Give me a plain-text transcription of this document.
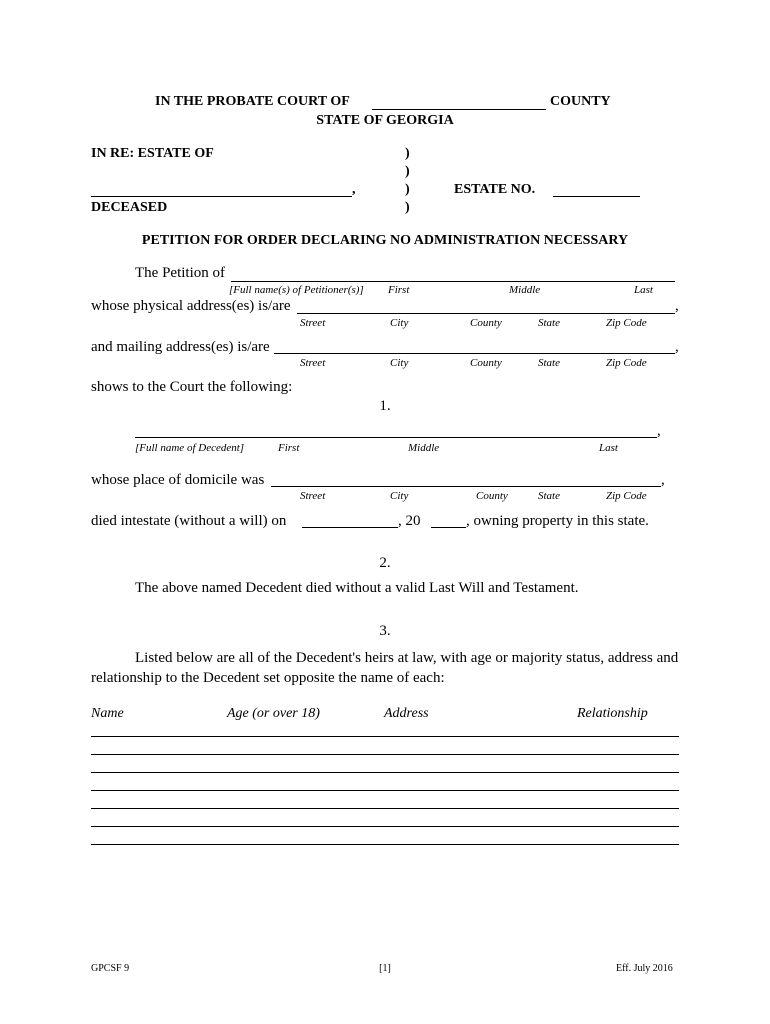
IN THE PROBATE COURT OF	COUNTY
STATE OF GEORGIA
IN RE: ESTATE OF	)
)
)
)
,
DECEASED
ESTATE NO.
PETITION FOR ORDER DECLARING NO ADMINISTRATION NECESSARY
The Petition of
[Full name(s) of Petitioner(s)] First	Middle	Last
whose physical address(es) is/are	,
Street	City	County	State	Zip Code
and mailing address(es) is/are	,
Street	City	County	State	Zip Code
shows to the Court the following:
1.
,
[Full name of Decedent]	First	Middle	Last
whose place of domicile was	,
Street	City	County	State	Zip Code
died intestate (without a will) on	, 20	, owning property in this state.
2.
The above named Decedent died without a valid Last Will and Testament.
3.
Listed below are all of the Decedent's heirs at law, with age or majority status, address and
relationship to the Decedent set opposite the name of each:
Name	Age (or over 18)	Address	Relationship
GPCSF 9	[1]	Eff. July 2016
